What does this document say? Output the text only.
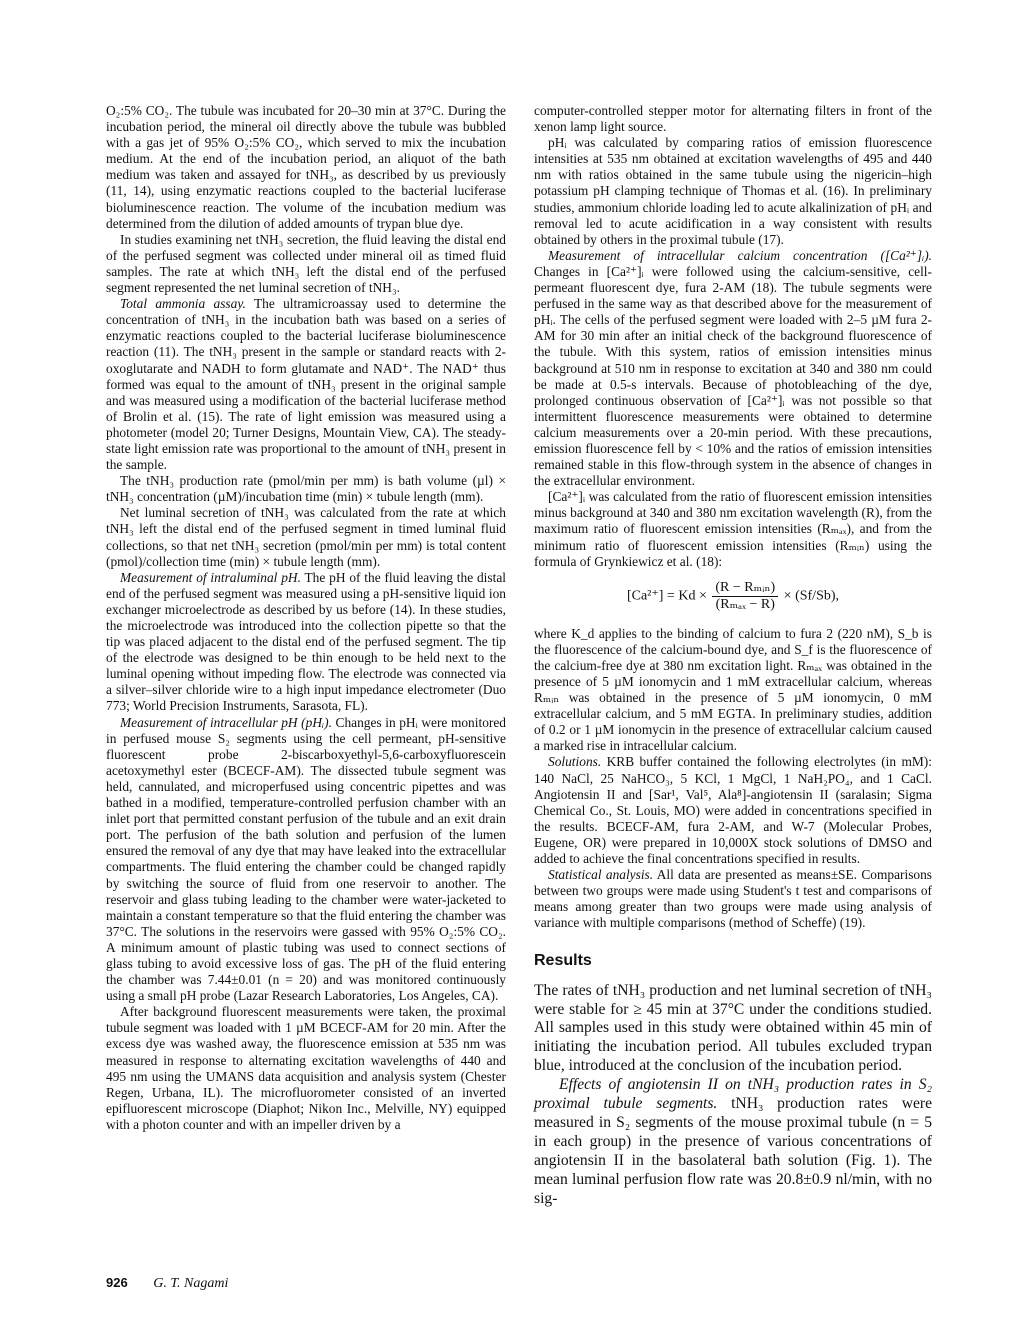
O₂:5% CO₂. The tubule was incubated for 20–30 min at 37°C. During the incubation period, the mineral oil directly above the tubule was bubbled with a gas jet of 95% O₂:5% CO₂, which served to mix the incubation medium. At the end of the incubation period, an aliquot of the bath medium was taken and assayed for tNH₃, as described by us previously (11, 14), using enzymatic reactions coupled to the bacterial luciferase bioluminescence reaction. The volume of the incubation medium was determined from the dilution of added amounts of trypan blue dye.

In studies examining net tNH₃ secretion, the fluid leaving the distal end of the perfused segment was collected under mineral oil as timed fluid samples. The rate at which tNH₃ left the distal end of the perfused segment represented the net luminal secretion of tNH₃.

Total ammonia assay. The ultramicroassay used to determine the concentration of tNH₃ in the incubation bath was based on a series of enzymatic reactions coupled to the bacterial luciferase bioluminescence reaction (11). The tNH₃ present in the sample or standard reacts with 2-oxoglutarate and NADH to form glutamate and NAD⁺. The NAD⁺ thus formed was equal to the amount of tNH₃ present in the original sample and was measured using a modification of the bacterial luciferase method of Brolin et al. (15). The rate of light emission was measured using a photometer (model 20; Turner Designs, Mountain View, CA). The steady-state light emission rate was proportional to the amount of tNH₃ present in the sample.

The tNH₃ production rate (pmol/min per mm) is bath volume (µl) × tNH₃ concentration (µM)/incubation time (min) × tubule length (mm).

Net luminal secretion of tNH₃ was calculated from the rate at which tNH₃ left the distal end of the perfused segment in timed luminal fluid collections, so that net tNH₃ secretion (pmol/min per mm) is total content (pmol)/collection time (min) × tubule length (mm).

Measurement of intraluminal pH. The pH of the fluid leaving the distal end of the perfused segment was measured using a pH-sensitive liquid ion exchanger microelectrode as described by us before (14). In these studies, the microelectrode was introduced into the collection pipette so that the tip was placed adjacent to the distal end of the perfused segment. The tip of the electrode was designed to be thin enough to be held next to the luminal opening without impeding flow. The electrode was connected via a silver–silver chloride wire to a high input impedance electrometer (Duo 773; World Precision Instruments, Sarasota, FL).

Measurement of intracellular pH (pHᵢ). Changes in pHᵢ were monitored in perfused mouse S₂ segments using the cell permeant, pH-sensitive fluorescent probe 2-biscarboxyethyl-5,6-carboxyfluorescein acetoxymethyl ester (BCECF-AM). The dissected tubule segment was held, cannulated, and microperfused using concentric pipettes and was bathed in a modified, temperature-controlled perfusion chamber with an inlet port that permitted constant perfusion of the tubule and an exit drain port. The perfusion of the bath solution and perfusion of the lumen ensured the removal of any dye that may have leaked into the extracellular compartments. The fluid entering the chamber could be changed rapidly by switching the source of fluid from one reservoir to another. The reservoir and glass tubing leading to the chamber were water-jacketed to maintain a constant temperature so that the fluid entering the chamber was 37°C. The solutions in the reservoirs were gassed with 95% O₂:5% CO₂. A minimum amount of plastic tubing was used to connect sections of glass tubing to avoid excessive loss of gas. The pH of the fluid entering the chamber was 7.44±0.01 (n = 20) and was monitored continuously using a small pH probe (Lazar Research Laboratories, Los Angeles, CA).

After background fluorescent measurements were taken, the proximal tubule segment was loaded with 1 µM BCECF-AM for 20 min. After the excess dye was washed away, the fluorescence emission at 535 nm was measured in response to alternating excitation wavelengths of 440 and 495 nm using the UMANS data acquisition and analysis system (Chester Regen, Urbana, IL). The microfluorometer consisted of an inverted epifluorescent microscope (Diaphot; Nikon Inc., Melville, NY) equipped with a photon counter and with an impeller driven by a

computer-controlled stepper motor for alternating filters in front of the xenon lamp light source.

pHᵢ was calculated by comparing ratios of emission fluorescence intensities at 535 nm obtained at excitation wavelengths of 495 and 440 nm with ratios obtained in the same tubule using the nigericin–high potassium pH clamping technique of Thomas et al. (16). In preliminary studies, ammonium chloride loading led to acute alkalinization of pHᵢ and removal led to acute acidification in a way consistent with results obtained by others in the proximal tubule (17).

Measurement of intracellular calcium concentration ([Ca²⁺]ᵢ). Changes in [Ca²⁺]ᵢ were followed using the calcium-sensitive, cell-permeant fluorescent dye, fura 2-AM (18). The tubule segments were perfused in the same way as that described above for the measurement of pHᵢ. The cells of the perfused segment were loaded with 2–5 µM fura 2-AM for 30 min after an initial check of the background fluorescence of the tubule. With this system, ratios of emission intensities minus background at 510 nm in response to excitation at 340 and 380 nm could be made at 0.5-s intervals. Because of photobleaching of the dye, prolonged continuous observation of [Ca²⁺]ᵢ was not possible so that intermittent fluorescence measurements were obtained to determine calcium measurements over a 20-min period. With these precautions, emission fluorescence fell by < 10% and the ratios of emission intensities remained stable in this flow-through system in the absence of changes in the extracellular environment.

[Ca²⁺]ᵢ was calculated from the ratio of fluorescent emission intensities minus background at 340 and 380 nm excitation wavelength (R), from the maximum ratio of fluorescent emission intensities (Rₘₐₓ), and from the minimum ratio of fluorescent emission intensities (Rₘᵢₙ) using the formula of Grynkiewicz et al. (18):

$[Ca^{2+}] = Kd \times \frac{\text{(R − Rₘᵢₙ)}}{\text{(Rₘₐₓ − R)}} \times (Sf/Sb)$,

where K_d applies to the binding of calcium to fura 2 (220 nM), S_b is the fluorescence of the calcium-bound dye, and S_f is the fluorescence of the calcium-free dye at 380 nm excitation light. Rₘₐₓ was obtained in the presence of 5 µM ionomycin and 1 mM extracellular calcium, whereas Rₘᵢₙ was obtained in the presence of 5 µM ionomycin, 0 mM extracellular calcium, and 5 mM EGTA. In preliminary studies, addition of 0.2 or 1 µM ionomycin in the presence of extracellular calcium caused a marked rise in intracellular calcium.

Solutions. KRB buffer contained the following electrolytes (in mM): 140 NaCl, 25 NaHCO₃, 5 KCl, 1 MgCl, 1 NaH₂PO₄, and 1 CaCl. Angiotensin II and [Sar¹, Val⁵, Ala⁸]-angiotensin II (saralasin; Sigma Chemical Co., St. Louis, MO) were added in concentrations specified in the results. BCECF-AM, fura 2-AM, and W-7 (Molecular Probes, Eugene, OR) were prepared in 10,000X stock solutions of DMSO and added to achieve the final concentrations specified in results.

Statistical analysis. All data are presented as means±SE. Comparisons between two groups were made using Student's t test and comparisons of means among greater than two groups were made using analysis of variance with multiple comparisons (method of Scheffe) (19).

Results

The rates of tNH₃ production and net luminal secretion of tNH₃ were stable for ≥ 45 min at 37°C under the conditions studied. All samples used in this study were obtained within 45 min of initiating the incubation period. All tubules excluded trypan blue, introduced at the conclusion of the incubation period.

Effects of angiotensin II on tNH₃ production rates in S₂ proximal tubule segments. tNH₃ production rates were measured in S₂ segments of the mouse proximal tubule (n = 5 in each group) in the presence of various concentrations of angiotensin II in the basolateral bath solution (Fig. 1). The mean luminal perfusion flow rate was 20.8±0.9 nl/min, with no sig-

926 G. T. Nagami
